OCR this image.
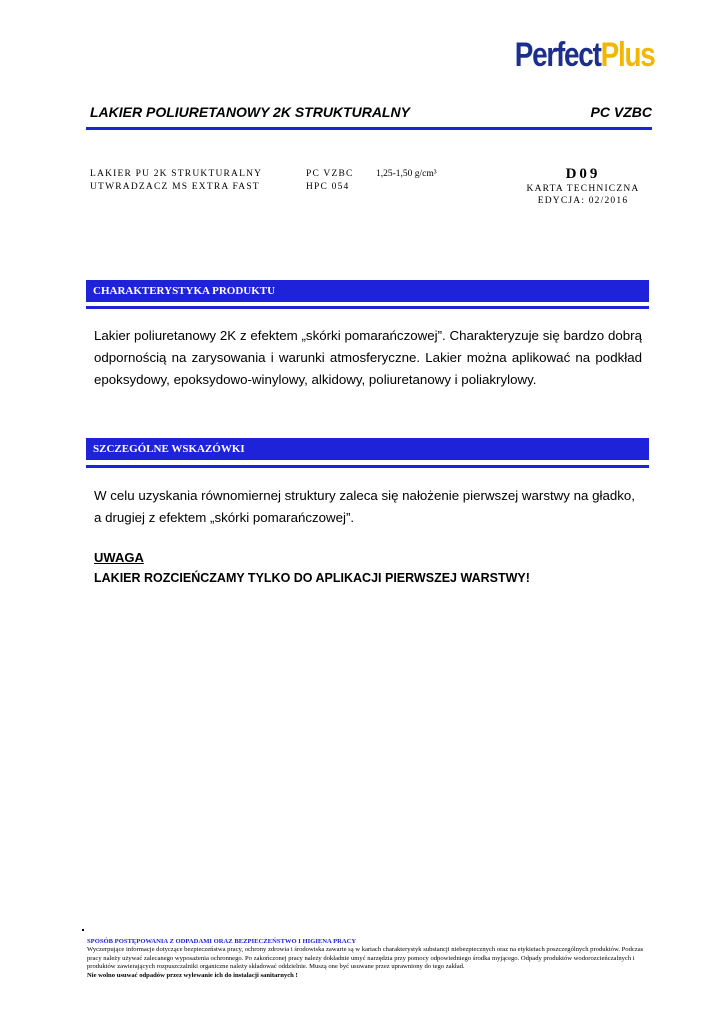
PerfectPlus
LAKIER POLIURETANOWY 2K STRUKTURALNY	PC VZBC
LAKIER PU 2K STRUKTURALNY
UTWRADZACZ MS EXTRA FAST
PC VZBC
HPC 054
1,25-1,50 g/cm³	D09
KARTA TECHNICZNA
EDYCJA: 02/2016
CHARAKTERYSTYKA PRODUKTU
Lakier poliuretanowy 2K z efektem „skórki pomarańczowej”. Charakteryzuje się bardzo dobrą odpornością na zarysowania i warunki atmosferyczne. Lakier można aplikować na podkład epoksydowy, epoksydowo-winylowy, alkidowy, poliuretanowy i poliakrylowy.
SZCZEGÓLNE WSKAZÓWKI
W celu uzyskania równomiernej struktury zaleca się nałożenie pierwszej warstwy na gładko, a drugiej z efektem „skórki pomarańczowej”.
UWAGA
LAKIER ROZCIEŃCZAMY TYLKO DO APLIKACJI PIERWSZEJ WARSTWY!
SPOSÓB POSTĘPOWANIA Z ODPADAMI ORAZ BEZPIECZEŃSTWO I HIGIENA PRACY
Wyczerpujące informacje dotyczące bezpieczeństwa pracy, ochrony zdrowia i środowiska zawarte są w kartach charakterystyk substancji niebezpiecznych oraz na etykietach poszczególnych produktów. Podczas pracy należy używać zalecanego wyposażenia ochronnego. Po zakończonej pracy należy dokładnie umyć narzędzia przy pomocy odpowiedniego środka myjącego. Odpady produktów wodorozcieńczalnych i produktów zawierających rozpuszczalniki organiczne należy składować oddzielnie. Muszą one być usuwane przez uprawniony do tego zakład.
Nie wolno usuwać odpadów przez wylewanie ich do instalacji sanitarnych !
